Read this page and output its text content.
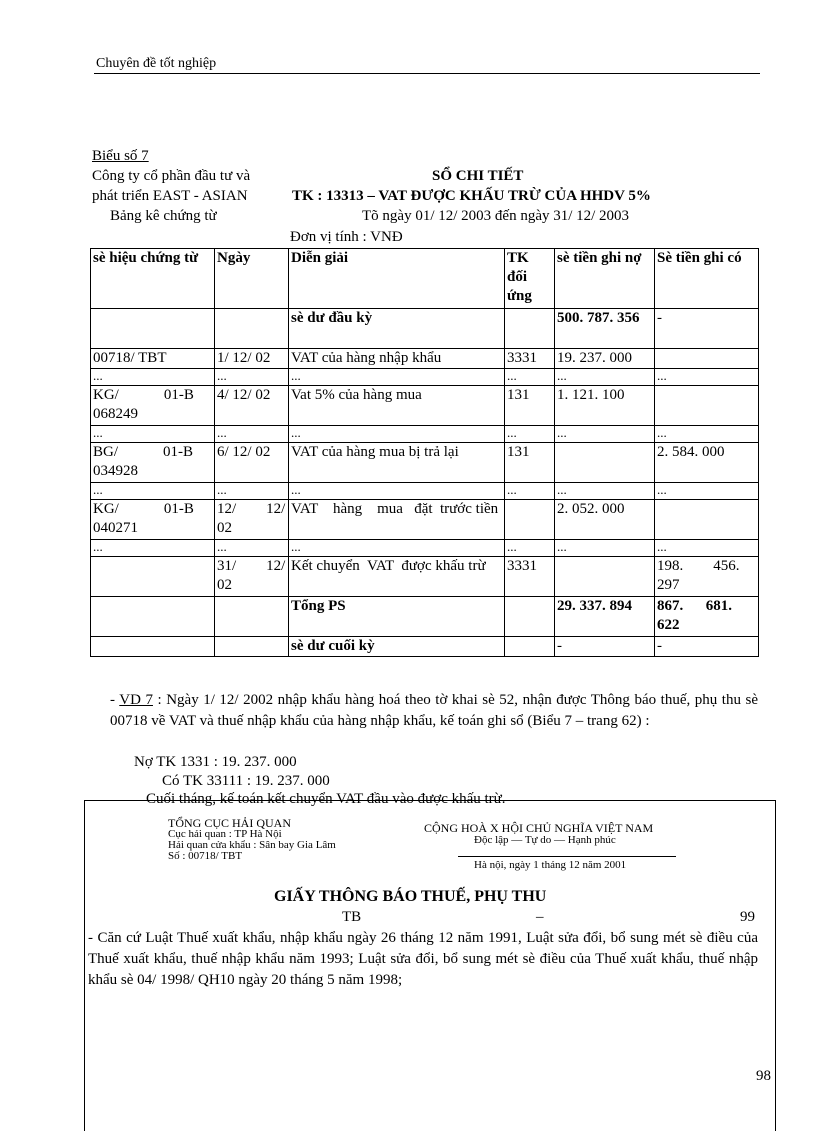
Chuyên đề tốt nghiệp
Biểu số 7
Công ty cổ phần đầu tư và
phát triển EAST - ASIAN
Bảng kê chứng từ
SỔ CHI TIẾT
TK : 13313 – VAT ĐƯỢC KHẤU TRỪ CỦA HHDV 5%
Tõ ngày 01/ 12/ 2003 đến ngày 31/ 12/ 2003
Đơn vị tính : VNĐ
sè hiệu chứng từ	Ngày	Diễn giải	TK đối ứng	sè tiền ghi nợ	Sè tiền ghi có
		sè dư đầu kỳ		500. 787. 356	-
00718/ TBT	1/ 12/ 02	VAT của hàng nhập khẩu	3331	19. 237. 000	
...	...	...	...	...	...
KG/            01-B 068249	4/ 12/ 02	Vat 5% của hàng mua	131	1. 121. 100	
...	...	...	...	...	...
BG/            01-B 034928	6/ 12/ 02	VAT của hàng mua bị trả lại	131		2. 584. 000
...	...	...	...	...	...
KG/            01-B 040271	12/        12/ 02	VAT    hàng    mua   đặt  trước tiền		2. 052. 000	
...	...	...	...	...	...
	31/        12/ 02	Kết chuyển  VAT  được khấu trừ	3331		198.        456. 297
		Tổng PS		29. 337. 894	867.      681. 622
		sè dư cuối kỳ		-	-
- VD 7 : Ngày 1/ 12/ 2002 nhập khẩu hàng hoá theo tờ khai sè 52, nhận được Thông báo thuế, phụ thu sè 00718 về VAT và thuế nhập khẩu của hàng nhập khẩu, kế toán ghi sổ (Biểu 7 – trang 62) :
Nợ TK 1331 : 19. 237. 000
Có TK 33111 : 19. 237. 000
Cuối tháng, kế toán kết chuyển VAT đầu vào được khấu trừ.
TỔNG CỤC HẢI QUAN
Cục hải quan : TP Hà Nội
Hải quan cửa khẩu : Sân bay Gia Lâm
Số : 00718/ TBT
CỘNG HOÀ X HỘI CHỦ NGHĨA VIỆT NAM
Độc lập — Tự do — Hạnh phúc
Hà nội, ngày 1 tháng 12 năm 2001
GIẤY THÔNG BÁO THUẾ, PHỤ THU
TB	–	99
- Căn cứ Luật Thuế xuất khẩu, nhập khẩu ngày 26 tháng 12 năm 1991, Luật sửa đổi, bổ sung mét sè điều của Thuế xuất khẩu, thuế nhập khẩu năm 1993; Luật sửa đổi, bổ sung mét sè điều của Thuế xuất khẩu, thuế nhập khẩu sè 04/ 1998/ QH10 ngày 20 tháng 5 năm 1998;
98
